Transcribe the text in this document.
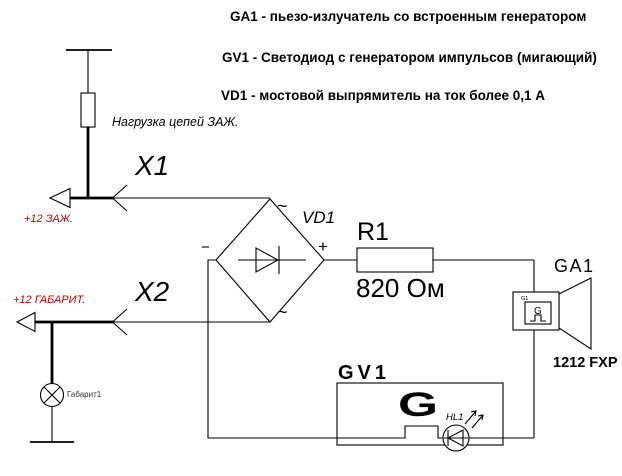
GA1 - пьезо-излучатель со встроенным генератором
GV1 - Светодиод с генератором импульсов (мигающий)
VD1 - мостовой выпрямитель на ток более 0,1 А
Нагрузка цепей ЗАЖ.
X1
+12 ЗАЖ.
X2
+12 ГАБАРИТ.
Габарит1
VD1
−	+
~
~
R1
820 Ом	G1
G
GA1
1212 FXP
GV1
G HL1
